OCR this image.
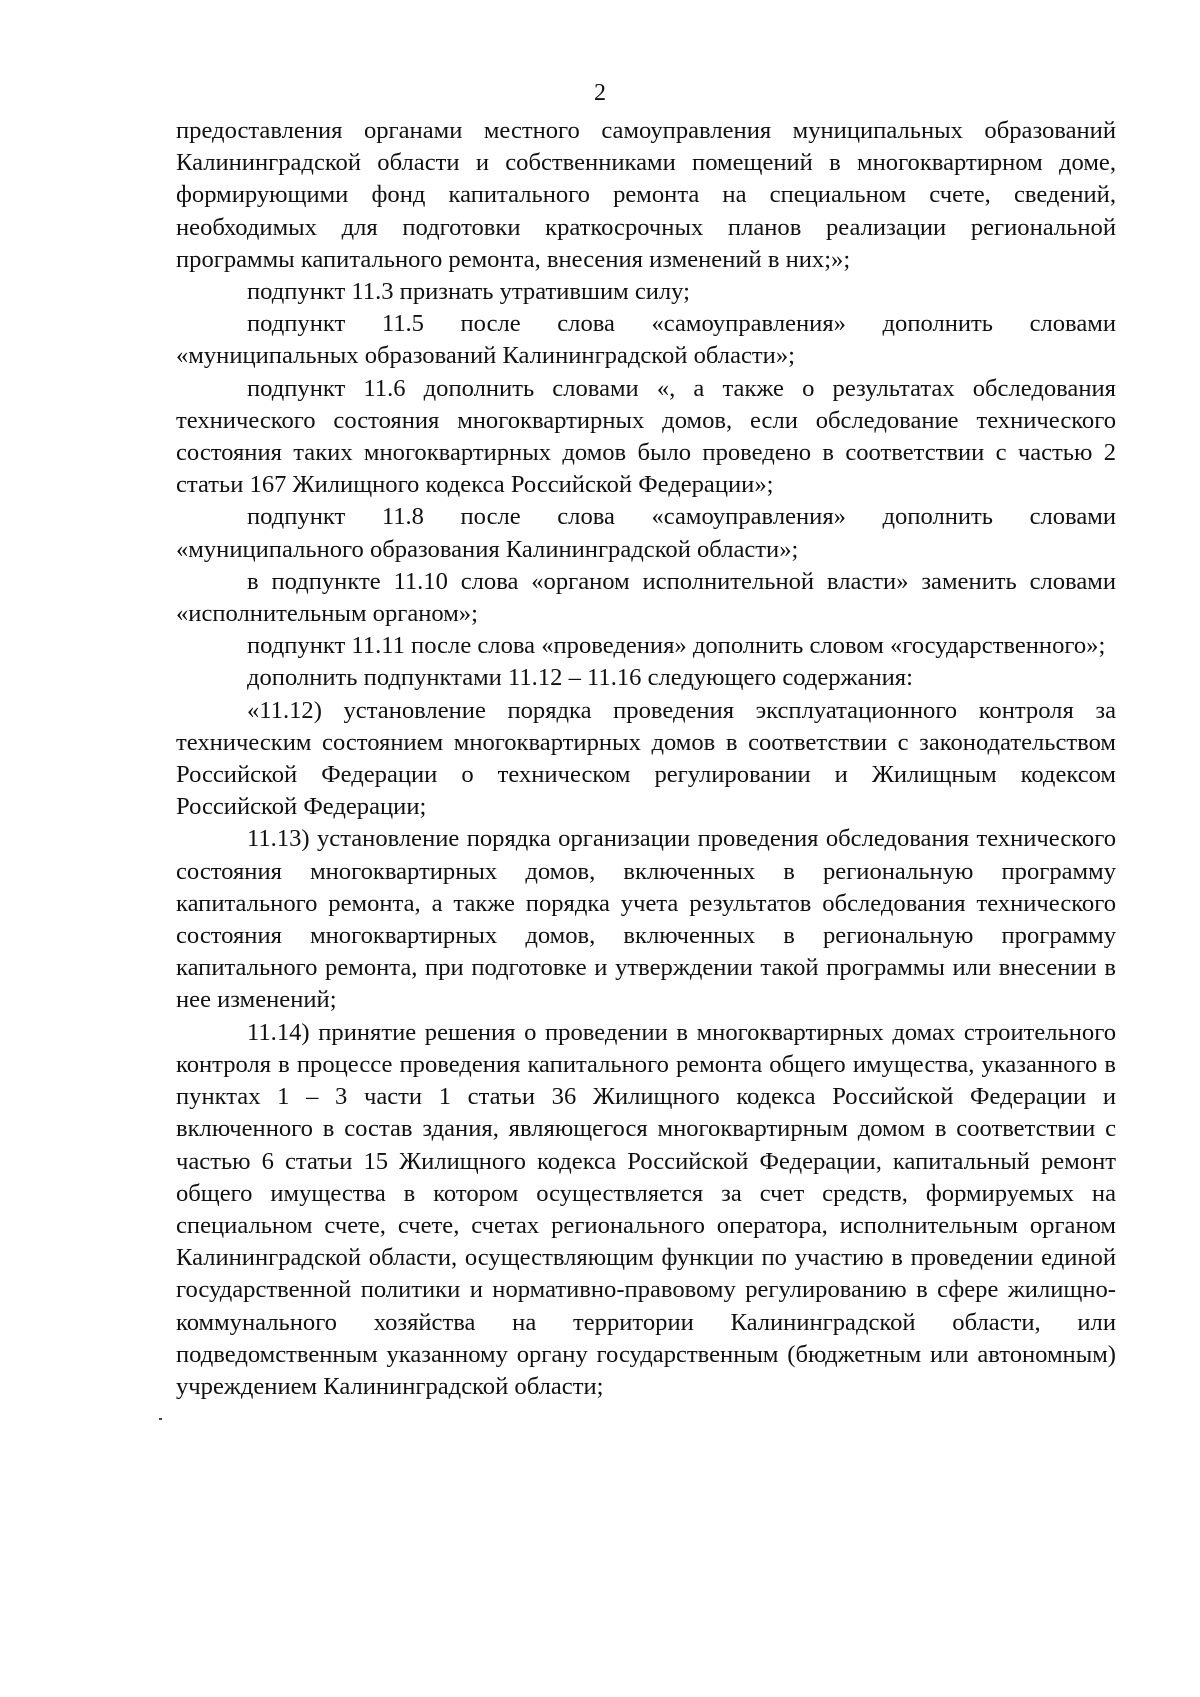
2

предоставления органами местного самоуправления муниципальных образований Калининградской области и собственниками помещений в многоквартирном доме, формирующими фонд капитального ремонта на специальном счете, сведений, необходимых для подготовки краткосрочных планов реализации региональной программы капитального ремонта, внесения изменений в них;»;

подпункт 11.3 признать утратившим силу;

подпункт 11.5 после слова «самоуправления» дополнить словами «муниципальных образований Калининградской области»;

подпункт 11.6 дополнить словами «, а также о результатах обследования технического состояния многоквартирных домов, если обследование технического состояния таких многоквартирных домов было проведено в соответствии с частью 2 статьи 167 Жилищного кодекса Российской Федерации»;

подпункт 11.8 после слова «самоуправления» дополнить словами «муниципального образования Калининградской области»;

в подпункте 11.10 слова «органом исполнительной власти» заменить словами «исполнительным органом»;

подпункт 11.11 после слова «проведения» дополнить словом «государственного»;

дополнить подпунктами 11.12 – 11.16 следующего содержания:

«11.12) установление порядка проведения эксплуатационного контроля за техническим состоянием многоквартирных домов в соответствии с законодательством Российской Федерации о техническом регулировании и Жилищным кодексом Российской Федерации;

11.13) установление порядка организации проведения обследования технического состояния многоквартирных домов, включенных в региональную программу капитального ремонта, а также порядка учета результатов обследования технического состояния многоквартирных домов, включенных в региональную программу капитального ремонта, при подготовке и утверждении такой программы или внесении в нее изменений;

11.14) принятие решения о проведении в многоквартирных домах строительного контроля в процессе проведения капитального ремонта общего имущества, указанного в пунктах 1 – 3 части 1 статьи 36 Жилищного кодекса Российской Федерации и включенного в состав здания, являющегося многоквартирным домом в соответствии с частью 6 статьи 15 Жилищного кодекса Российской Федерации, капитальный ремонт общего имущества в котором осуществляется за счет средств, формируемых на специальном счете, счете, счетах регионального оператора, исполнительным органом Калининградской области, осуществляющим функции по участию в проведении единой государственной политики и нормативно-правовому регулированию в сфере жилищно-коммунального хозяйства на территории Калининградской области, или подведомственным указанному органу государственным (бюджетным или автономным) учреждением Калининградской области;
